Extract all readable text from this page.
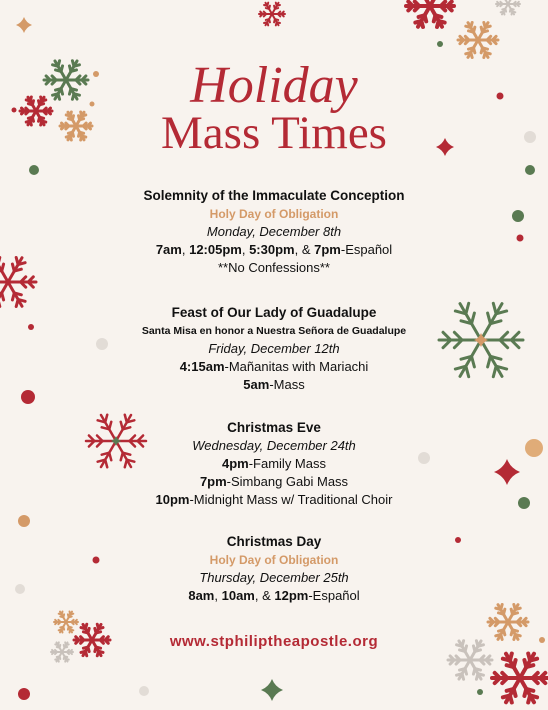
Holiday
Mass Times
Solemnity of the Immaculate Conception
Holy Day of Obligation
Monday, December 8th
7am, 12:05pm, 5:30pm, & 7pm-Español
**No Confessions**
Feast of Our Lady of Guadalupe
Santa Misa en honor a Nuestra Señora de Guadalupe
Friday, December 12th
4:15am-Mañanitas with Mariachi
5am-Mass
Christmas Eve
Wednesday, December 24th
4pm-Family Mass
7pm-Simbang Gabi Mass
10pm-Midnight Mass w/ Traditional Choir
Christmas Day
Holy Day of Obligation
Thursday, December 25th
8am, 10am, & 12pm-Español
www.stphiliptheapostle.org
